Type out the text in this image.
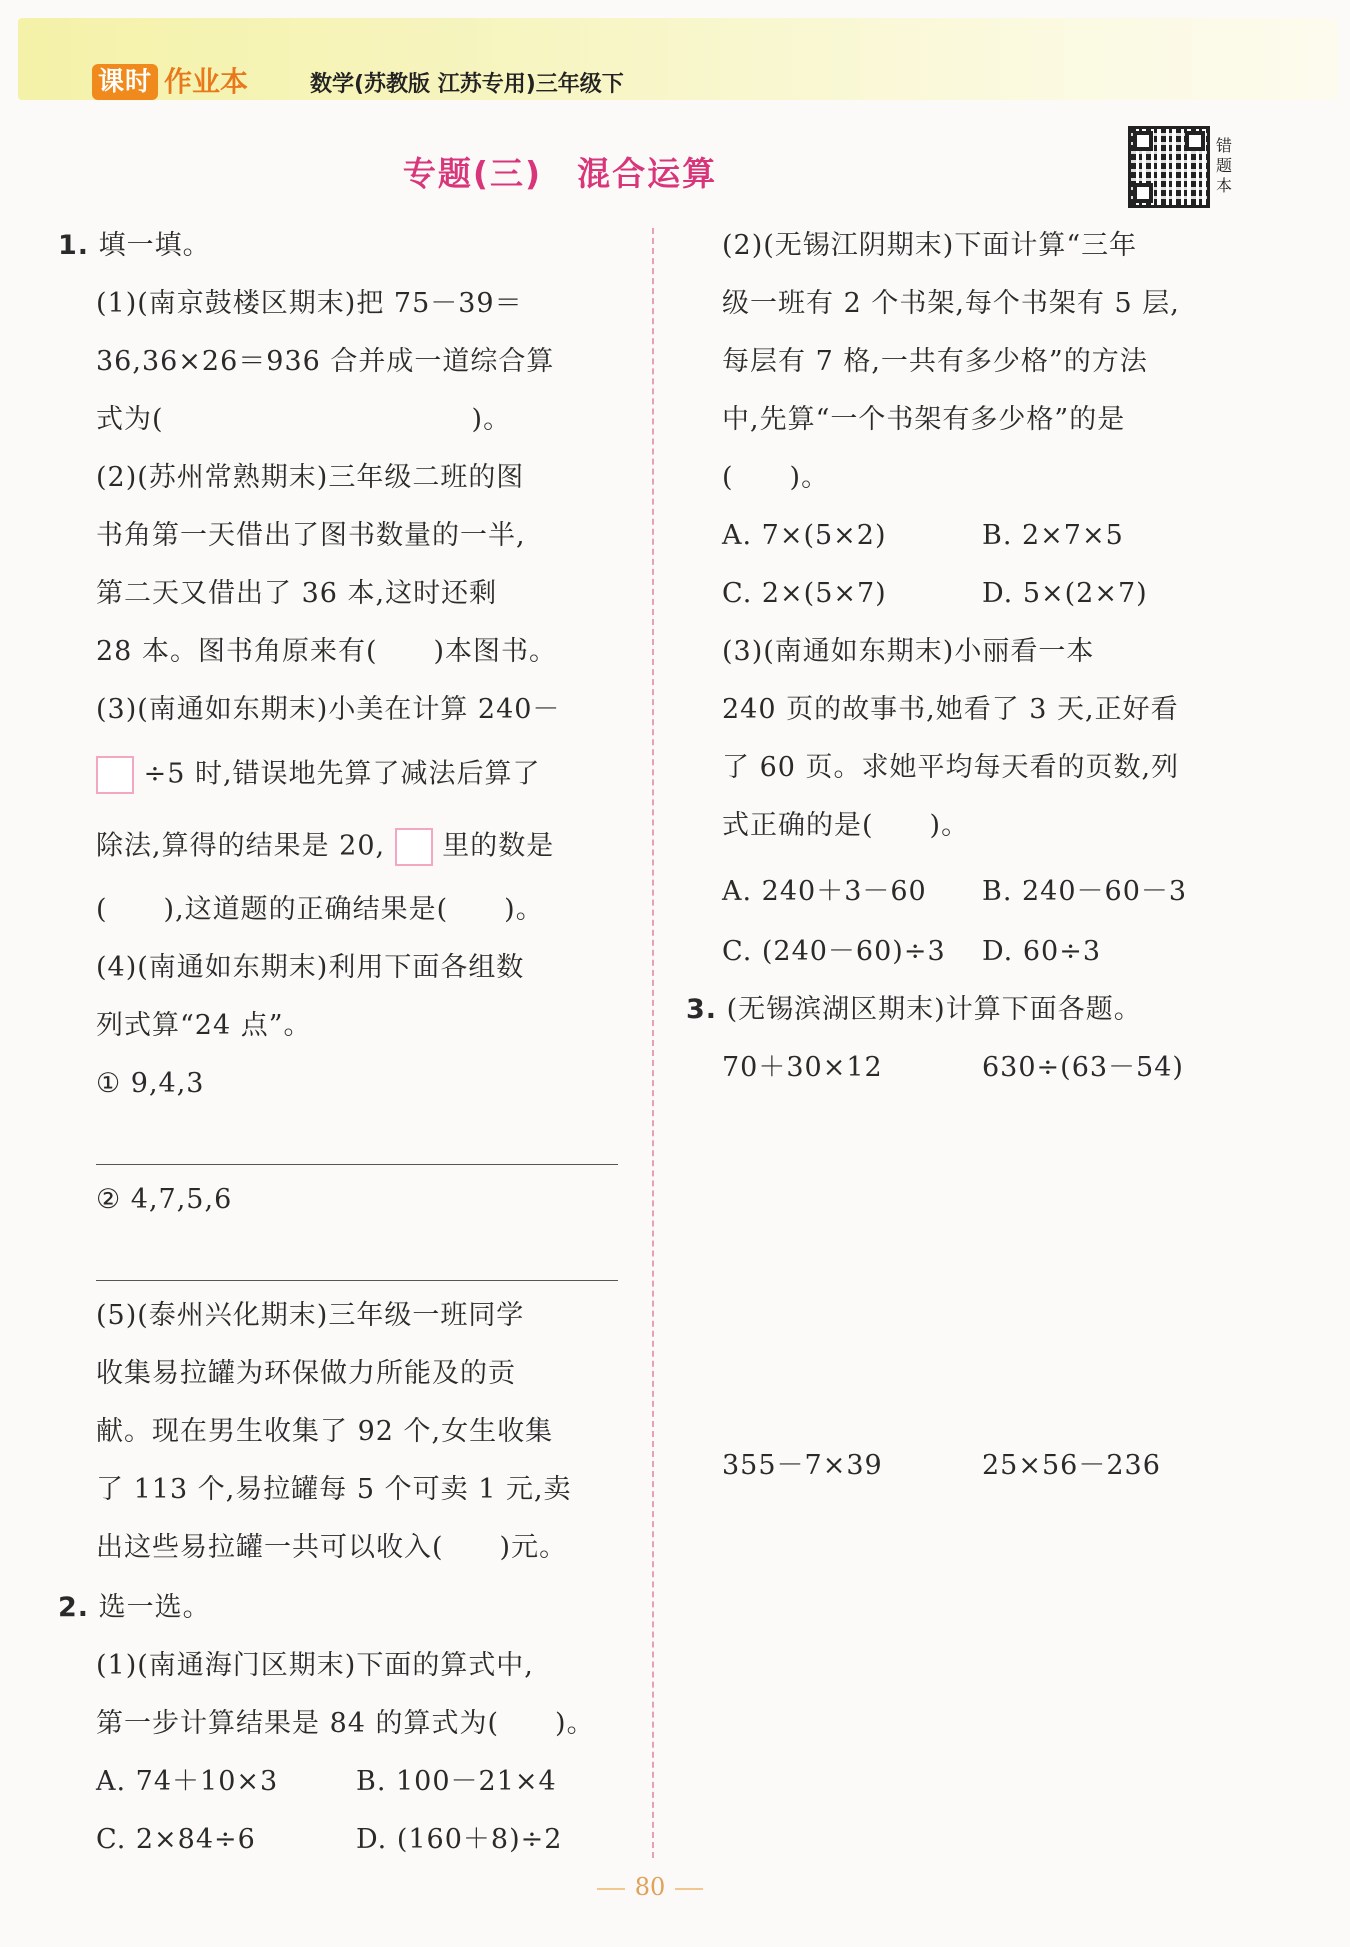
课时 作业本	数学(苏教版 江苏专用)三年级下
专题(三)　混合运算
错题本
1. 填一填。
(1)(南京鼓楼区期末)把 75－39＝
36,36×26＝936 合并成一道综合算
式为(　　　　　　　　　　　)。
(2)(苏州常熟期末)三年级二班的图
书角第一天借出了图书数量的一半,
第二天又借出了 36 本,这时还剩
28 本。图书角原来有(　　)本图书。
(3)(南通如东期末)小美在计算 240－
÷5 时,错误地先算了减法后算了
除法,算得的结果是 20, 里的数是
(　　),这道题的正确结果是(　　)。
(4)(南通如东期末)利用下面各组数
列式算“24 点”。
① 9,4,3
② 4,7,5,6
(5)(泰州兴化期末)三年级一班同学
收集易拉罐为环保做力所能及的贡
献。现在男生收集了 92 个,女生收集
了 113 个,易拉罐每 5 个可卖 1 元,卖
出这些易拉罐一共可以收入(　　)元。
2. 选一选。
(1)(南通海门区期末)下面的算式中,
第一步计算结果是 84 的算式为(　　)。
A. 74＋10×3	B. 100－21×4
C. 2×84÷6	D. (160＋8)÷2
(2)(无锡江阴期末)下面计算“三年
级一班有 2 个书架,每个书架有 5 层,
每层有 7 格,一共有多少格”的方法
中,先算“一个书架有多少格”的是
(　　)。
A. 7×(5×2)	B. 2×7×5
C. 2×(5×7)	D. 5×(2×7)
(3)(南通如东期末)小丽看一本
240 页的故事书,她看了 3 天,正好看
了 60 页。求她平均每天看的页数,列
式正确的是(　　)。
A. 240＋3－60 B. 240－60－3
C. (240－60)÷3 D. 60÷3
3. (无锡滨湖区期末)计算下面各题。
70＋30×12	630÷(63－54)
355－7×39	25×56－236
80
